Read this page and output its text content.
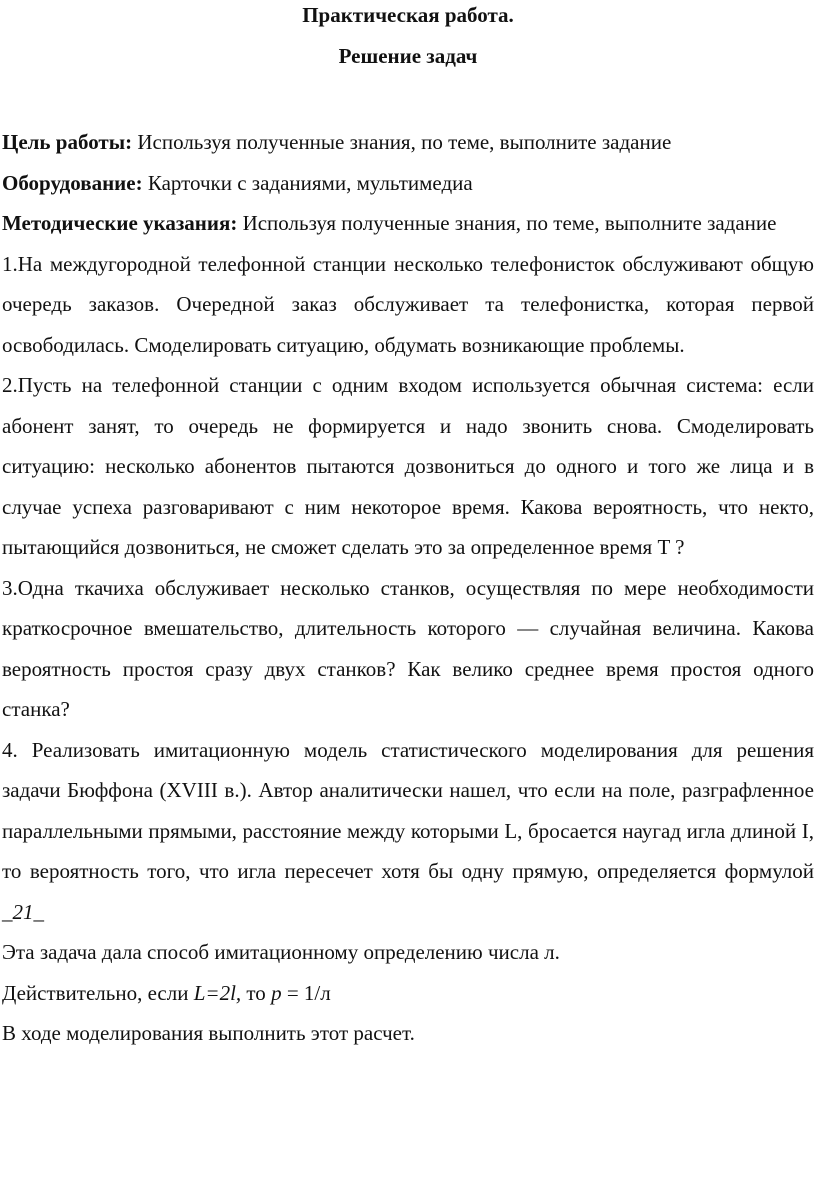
Практическая работа.
Решение задач

Цель работы: Используя полученные знания, по теме, выполните задание

Оборудование: Карточки с заданиями, мультимедиа

Методические указания: Используя полученные знания, по теме, выполните задание

1.На междугородной телефонной станции несколько телефонисток обслуживают общую очередь заказов. Очередной заказ обслуживает та телефонистка, которая первой освободилась. Смоделировать ситуацию, обдумать возникающие проблемы.

2.Пусть на телефонной станции с одним входом используется обычная система: если абонент занят, то очередь не формируется и надо звонить снова. Смоделировать ситуацию: несколько абонентов пытаются дозвониться до одного и того же лица и в случае успеха разговаривают с ним некоторое время. Какова вероятность, что некто, пытающийся дозвониться, не сможет сделать это за определенное время T ?

3.Одна ткачиха обслуживает несколько станков, осуществляя по мере необходимости краткосрочное вмешательство, длительность которого — случайная величина. Какова вероятность простоя сразу двух станков? Как велико среднее время простоя одного станка?

4. Реализовать имитационную модель статистического моделирования для решения задачи Бюффона (XVIII в.). Автор аналитически нашел, что если на поле, разграфленное параллельными прямыми, расстояние между которыми L, бросается наугад игла длиной I, то вероятность того, что игла пересечет хотя бы одну прямую, определяется формулой _21_

Эта задача дала способ имитационному определению числа л.

Действительно, если L=2l, то p = 1/л

В ходе моделирования выполнить этот расчет.
